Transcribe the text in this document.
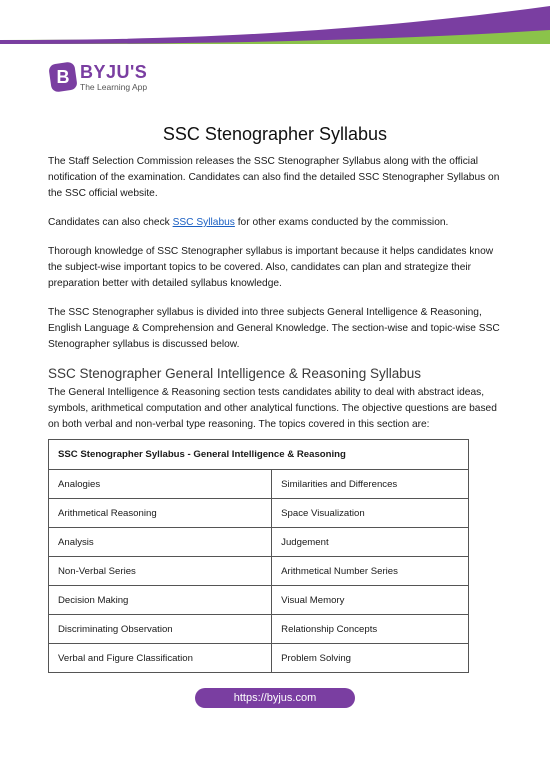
B BYJU'S
The Learning App
SSC Stenographer Syllabus

The Staff Selection Commission releases the SSC Stenographer Syllabus along with the official notification of the examination. Candidates can also find the detailed SSC Stenographer Syllabus on the SSC official website.

Candidates can also check SSC Syllabus for other exams conducted by the commission.

Thorough knowledge of SSC Stenographer syllabus is important because it helps candidates know the subject-wise important topics to be covered. Also, candidates can plan and strategize their preparation better with detailed syllabus knowledge.

The SSC Stenographer syllabus is divided into three subjects General Intelligence & Reasoning, English Language & Comprehension and General Knowledge. The section-wise and topic-wise SSC Stenographer syllabus is discussed below.

SSC Stenographer General Intelligence & Reasoning Syllabus

The General Intelligence & Reasoning section tests candidates ability to deal with abstract ideas, symbols, arithmetical computation and other analytical functions. The objective questions are based on both verbal and non-verbal type reasoning. The topics covered in this section are:

SSC Stenographer Syllabus - General Intelligence & Reasoning	
Analogies	Similarities and Differences
Arithmetical Reasoning	Space Visualization
Analysis	Judgement
Non-Verbal Series	Arithmetical Number Series
Decision Making	Visual Memory
Discriminating Observation	Relationship Concepts
Verbal and Figure Classification	Problem Solving
https://byjus.com
